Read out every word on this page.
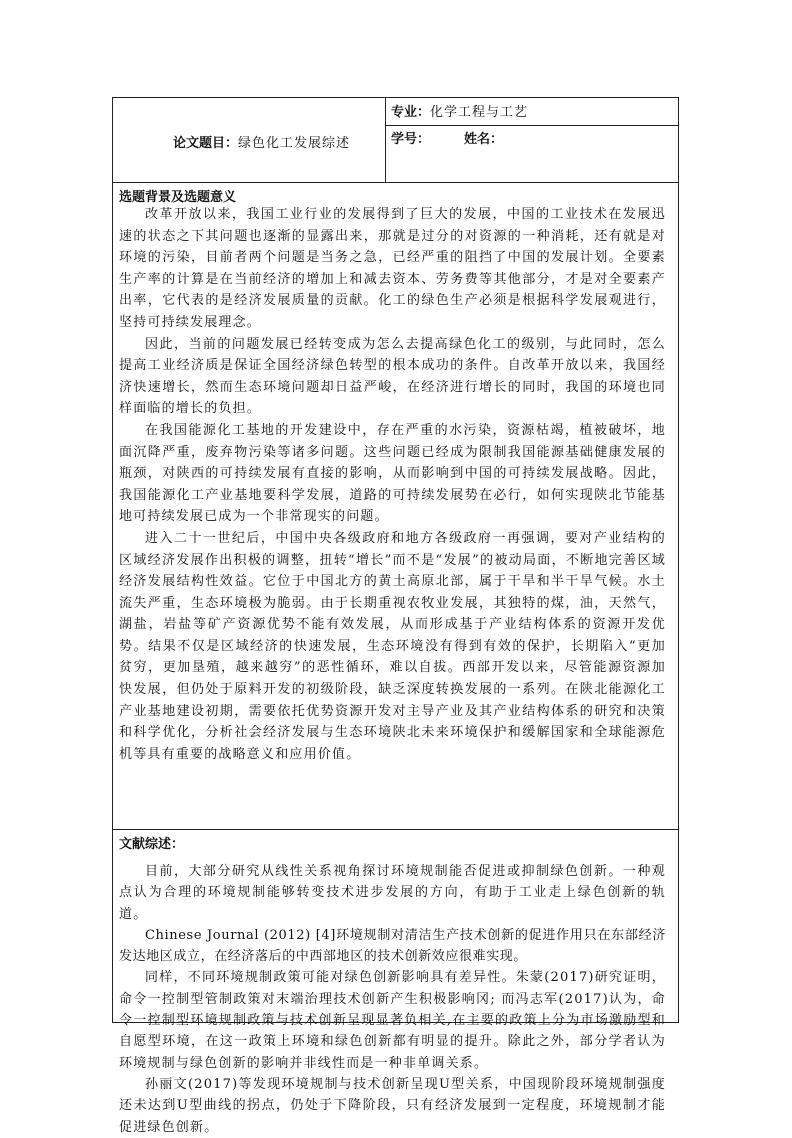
论文题目：绿色化工发展综述
专业：化学工程与工艺
学号：	姓名：
选题背景及选题意义

改革开放以来，我国工业行业的发展得到了巨大的发展，中国的工业技术在发展迅速的状态之下其问题也逐渐的显露出来，那就是过分的对资源的一种消耗，还有就是对环境的污染，目前者两个问题是当务之急，已经严重的阻挡了中国的发展计划。全要素生产率的计算是在当前经济的增加上和减去资本、劳务费等其他部分，才是对全要素产出率，它代表的是经济发展质量的贡献。化工的绿色生产必须是根据科学发展观进行，坚持可持续发展理念。

因此，当前的问题发展已经转变成为怎么去提高绿色化工的级别，与此同时，怎么提高工业经济质是保证全国经济绿色转型的根本成功的条件。自改革开放以来，我国经济快速增长，然而生态环境问题却日益严峻，在经济进行增长的同时，我国的环境也同样面临的增长的负担。

在我国能源化工基地的开发建设中，存在严重的水污染，资源枯竭，植被破坏，地面沉降严重，废弃物污染等诸多问题。这些问题已经成为限制我国能源基础健康发展的瓶颈，对陕西的可持续发展有直接的影响，从而影响到中国的可持续发展战略。因此，我国能源化工产业基地要科学发展，道路的可持续发展势在必行，如何实现陕北节能基地可持续发展已成为一个非常现实的问题。

进入二十一世纪后，中国中央各级政府和地方各级政府一再强调，要对产业结构的区域经济发展作出积极的调整，扭转“增长”而不是“发展”的被动局面，不断地完善区域经济发展结构性效益。它位于中国北方的黄土高原北部，属于干旱和半干旱气候。水土流失严重，生态环境极为脆弱。由于长期重视农牧业发展，其独特的煤，油，天然气，湖盐，岩盐等矿产资源优势不能有效发展，从而形成基于产业结构体系的资源开发优势。结果不仅是区域经济的快速发展，生态环境没有得到有效的保护，长期陷入“更加贫穷，更加垦殖，越来越穷”的恶性循环，难以自拔。西部开发以来，尽管能源资源加快发展，但仍处于原料开发的初级阶段，缺乏深度转换发展的一系列。在陕北能源化工产业基地建设初期，需要依托优势资源开发对主导产业及其产业结构体系的研究和决策和科学优化，分析社会经济发展与生态环境陕北未来环境保护和缓解国家和全球能源危机等具有重要的战略意义和应用价值。

文献综述：

目前，大部分研究从线性关系视角探讨环境规制能否促进或抑制绿色创新。一种观点认为合理的环境规制能够转变技术进步发展的方向，有助于工业走上绿色创新的轨道。

Chinese Journal (2012) [4]环境规制对清洁生产技术创新的促进作用只在东部经济发达地区成立，在经济落后的中西部地区的技术创新效应很难实现。

同样，不同环境规制政策可能对绿色创新影响具有差异性。朱蒙(2017)研究证明，命令一控制型管制政策对末端治理技术创新产生积极影响冈; 而冯志军(2017)认为，命令一控制型环境规制政策与技术创新呈现显著负相关,在主要的政策上分为市场激励型和自愿型环境，在这一政策上环境和绿色创新都有明显的提升。除此之外，部分学者认为环境规制与绿色创新的影响并非线性而是一种非单调关系。

孙丽文(2017)等发现环境规制与技术创新呈现U型关系，中国现阶段环境规制强度还未达到U型曲线的拐点，仍处于下降阶段，只有经济发展到一定程度，环境规制才能促进绿色创新。
